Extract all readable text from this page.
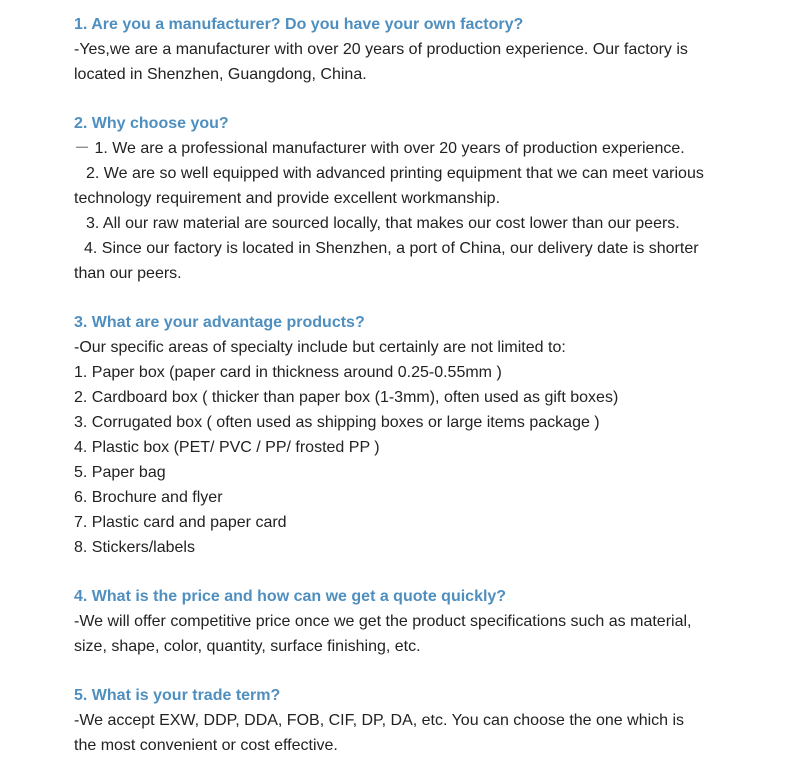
1. Are you a manufacturer? Do you have your own factory?

-Yes,we are a manufacturer with over 20 years of production experience. Our factory is

located in Shenzhen, Guangdong, China.

2. Why choose you?

－ 1. We are a professional manufacturer with over 20 years of production experience.

2. We are so well equipped with advanced printing equipment that we can meet various

technology requirement and provide excellent workmanship.

3. All our raw material are sourced locally, that makes our cost lower than our peers.

4. Since our factory is located in Shenzhen, a port of China, our delivery date is shorter

than our peers.

3. What are your advantage products?

-Our specific areas of specialty include but certainly are not limited to:

1. Paper box (paper card in thickness around 0.25-0.55mm )

2. Cardboard box ( thicker than paper box (1-3mm), often used as gift boxes)

3. Corrugated box ( often used as shipping boxes or large items package )

4. Plastic box (PET/ PVC / PP/ frosted PP )

5. Paper bag

6. Brochure and flyer

7. Plastic card and paper card

8. Stickers/labels

4. What is the price and how can we get a quote quickly?

-We will offer competitive price once we get the product specifications such as material,

size, shape, color, quantity, surface finishing, etc.

5. What is your trade term?

-We accept EXW, DDP, DDA, FOB, CIF, DP, DA, etc. You can choose the one which is

the most convenient or cost effective.
